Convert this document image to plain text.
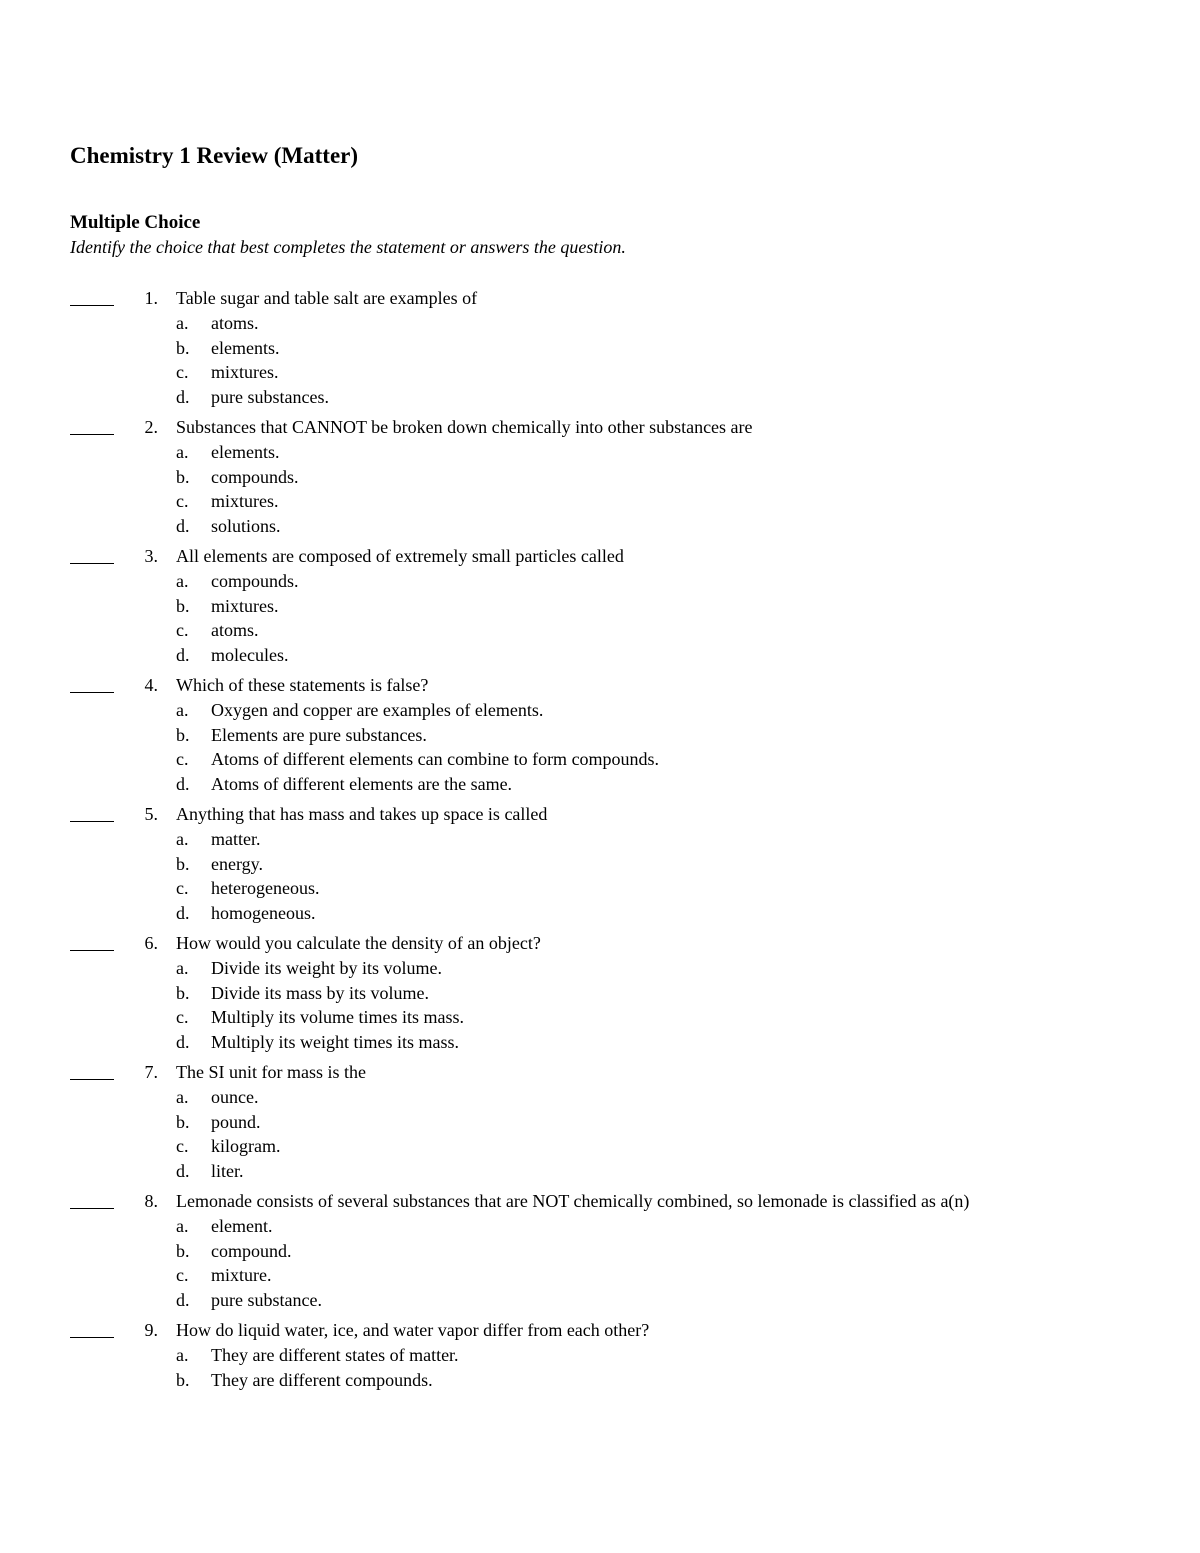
Chemistry 1 Review (Matter)
Multiple Choice

Identify the choice that best completes the statement or answers the question.

1. Table sugar and table salt are examples of
a. atoms.
b. elements.
c. mixtures.
d. pure substances.
2. Substances that CANNOT be broken down chemically into other substances are
a. elements.
b. compounds.
c. mixtures.
d. solutions.
3. All elements are composed of extremely small particles called
a. compounds.
b. mixtures.
c. atoms.
d. molecules.
4. Which of these statements is false?
a. Oxygen and copper are examples of elements.
b. Elements are pure substances.
c. Atoms of different elements can combine to form compounds.
d. Atoms of different elements are the same.
5. Anything that has mass and takes up space is called
a. matter.
b. energy.
c. heterogeneous.
d. homogeneous.
6. How would you calculate the density of an object?
a. Divide its weight by its volume.
b. Divide its mass by its volume.
c. Multiply its volume times its mass.
d. Multiply its weight times its mass.
7. The SI unit for mass is the
a. ounce.
b. pound.
c. kilogram.
d. liter.
8. Lemonade consists of several substances that are NOT chemically combined, so lemonade is classified as a(n)
a. element.
b. compound.
c. mixture.
d. pure substance.
9. How do liquid water, ice, and water vapor differ from each other?
a. They are different states of matter.
b. They are different compounds.
